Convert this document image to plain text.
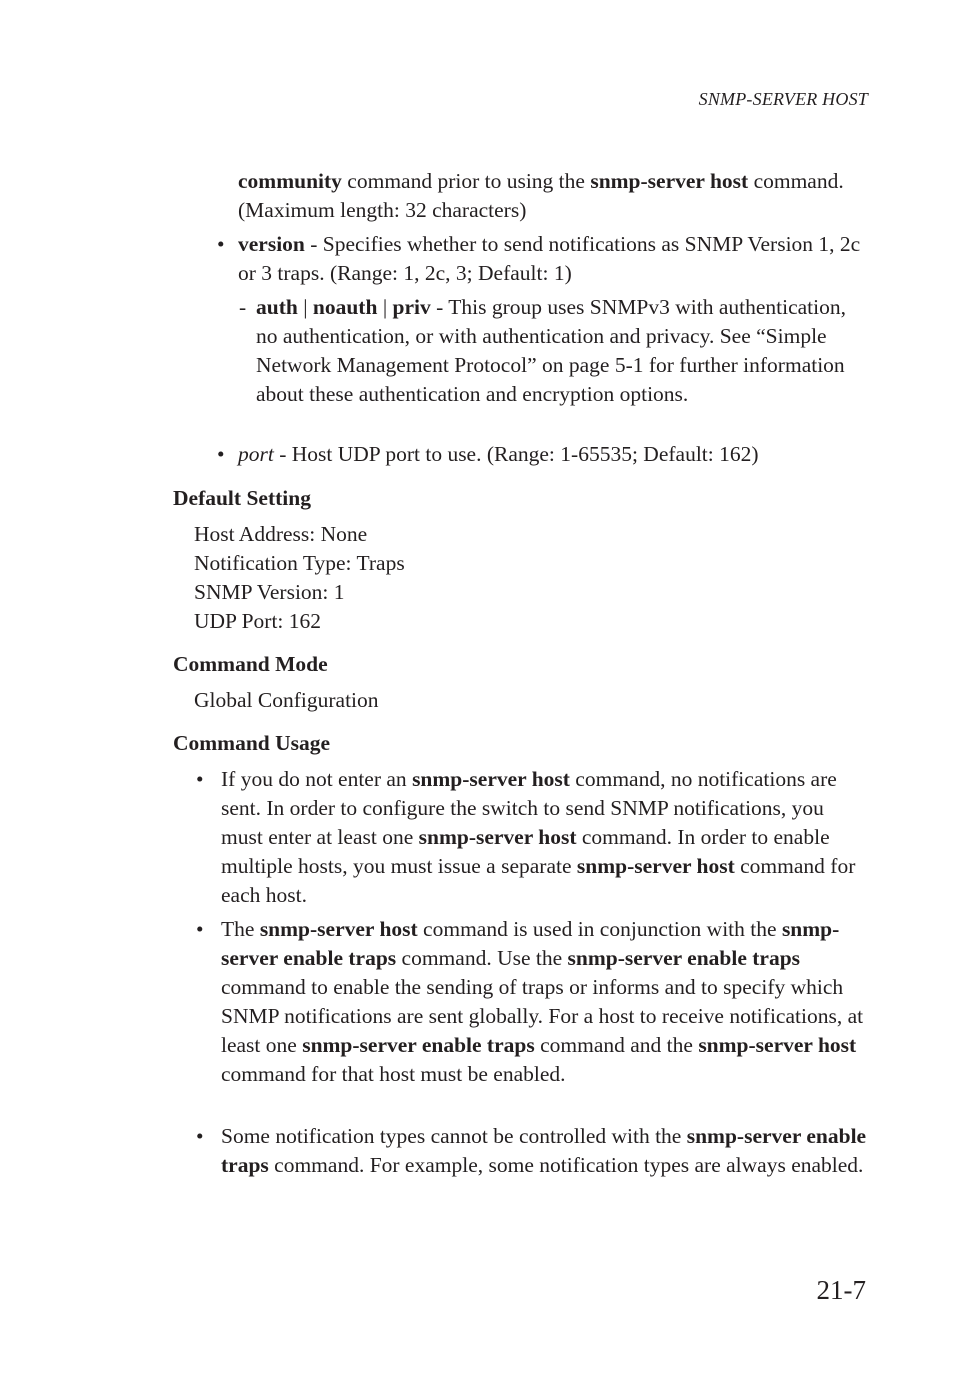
SNMP-SERVER HOST
community command prior to using the snmp-server host command. (Maximum length: 32 characters)
• version - Specifies whether to send notifications as SNMP Version 1, 2c or 3 traps. (Range: 1, 2c, 3; Default: 1)
- auth | noauth | priv - This group uses SNMPv3 with authentication, no authentication, or with authentication and privacy. See “Simple Network Management Protocol” on page 5-1 for further information about these authentication and encryption options.
• port - Host UDP port to use. (Range: 1-65535; Default: 162)
Default Setting
Host Address: None
Notification Type: Traps
SNMP Version: 1
UDP Port: 162
Command Mode
Global Configuration
Command Usage
• If you do not enter an snmp-server host command, no notifications are sent. In order to configure the switch to send SNMP notifications, you must enter at least one snmp-server host command. In order to enable multiple hosts, you must issue a separate snmp-server host command for each host.
• The snmp-server host command is used in conjunction with the snmp-server enable traps command. Use the snmp-server enable traps command to enable the sending of traps or informs and to specify which SNMP notifications are sent globally. For a host to receive notifications, at least one snmp-server enable traps command and the snmp-server host command for that host must be enabled.
• Some notification types cannot be controlled with the snmp-server enable traps command. For example, some notification types are always enabled.
21-7
